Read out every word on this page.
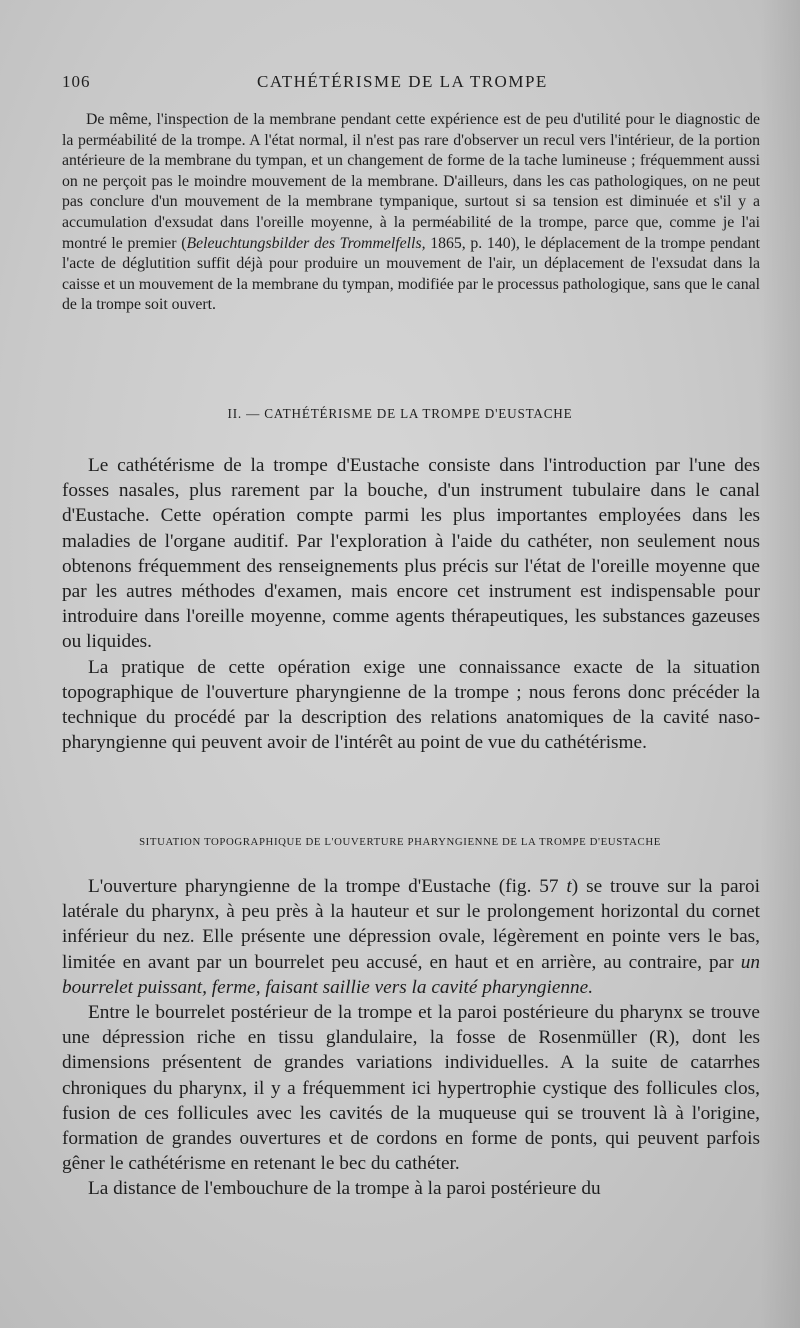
106	CATHÉTÉRISME DE LA TROMPE

De même, l'inspection de la membrane pendant cette expérience est de peu d'utilité pour le diagnostic de la perméabilité de la trompe. A l'état normal, il n'est pas rare d'observer un recul vers l'intérieur, de la portion antérieure de la membrane du tympan, et un changement de forme de la tache lumineuse ; fréquemment aussi on ne perçoit pas le moindre mouvement de la membrane. D'ailleurs, dans les cas pathologiques, on ne peut pas conclure d'un mouvement de la membrane tympanique, surtout si sa tension est diminuée et s'il y a accumulation d'exsudat dans l'oreille moyenne, à la perméabilité de la trompe, parce que, comme je l'ai montré le premier (Beleuchtungsbilder des Trommelfells, 1865, p. 140), le déplacement de la trompe pendant l'acte de déglutition suffit déjà pour produire un mouvement de l'air, un déplacement de l'exsudat dans la caisse et un mouvement de la membrane du tympan, modifiée par le processus pathologique, sans que le canal de la trompe soit ouvert.

II. — CATHÉTÉRISME DE LA TROMPE D'EUSTACHE

Le cathétérisme de la trompe d'Eustache consiste dans l'introduction par l'une des fosses nasales, plus rarement par la bouche, d'un instrument tubulaire dans le canal d'Eustache. Cette opération compte parmi les plus importantes employées dans les maladies de l'organe auditif. Par l'exploration à l'aide du cathéter, non seulement nous obtenons fréquemment des renseignements plus précis sur l'état de l'oreille moyenne que par les autres méthodes d'examen, mais encore cet instrument est indispensable pour introduire dans l'oreille moyenne, comme agents thérapeutiques, les substances gazeuses ou liquides.

La pratique de cette opération exige une connaissance exacte de la situation topographique de l'ouverture pharyngienne de la trompe ; nous ferons donc précéder la technique du procédé par la description des relations anatomiques de la cavité naso-pharyngienne qui peuvent avoir de l'intérêt au point de vue du cathétérisme.

SITUATION TOPOGRAPHIQUE DE L'OUVERTURE PHARYNGIENNE DE LA TROMPE D'EUSTACHE

L'ouverture pharyngienne de la trompe d'Eustache (fig. 57 t) se trouve sur la paroi latérale du pharynx, à peu près à la hauteur et sur le prolongement horizontal du cornet inférieur du nez. Elle présente une dépression ovale, légèrement en pointe vers le bas, limitée en avant par un bourrelet peu accusé, en haut et en arrière, au contraire, par un bourrelet puissant, ferme, faisant saillie vers la cavité pharyngienne.

Entre le bourrelet postérieur de la trompe et la paroi postérieure du pharynx se trouve une dépression riche en tissu glandulaire, la fosse de Rosenmüller (R), dont les dimensions présentent de grandes variations individuelles. A la suite de catarrhes chroniques du pharynx, il y a fréquemment ici hypertrophie cystique des follicules clos, fusion de ces follicules avec les cavités de la muqueuse qui se trouvent là à l'origine, formation de grandes ouvertures et de cordons en forme de ponts, qui peuvent parfois gêner le cathétérisme en retenant le bec du cathéter.

La distance de l'embouchure de la trompe à la paroi postérieure du
